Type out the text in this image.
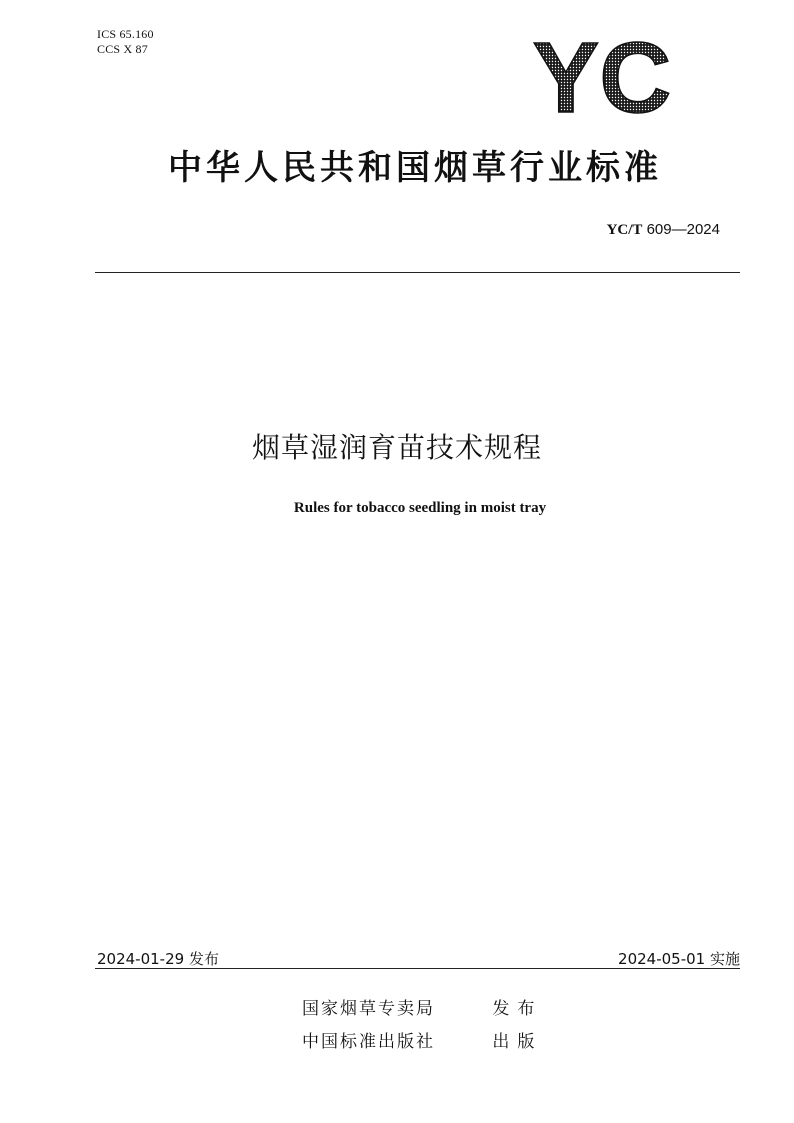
ICS 65.160
CCS X 87	YC
中华人民共和国烟草行业标准
YC/T 609—2024
烟草湿润育苗技术规程
Rules for tobacco seedling in moist tray
2024-01-29 发布	2024-05-01 实施
国家烟草专卖局	发布
中国标准出版社	出版
